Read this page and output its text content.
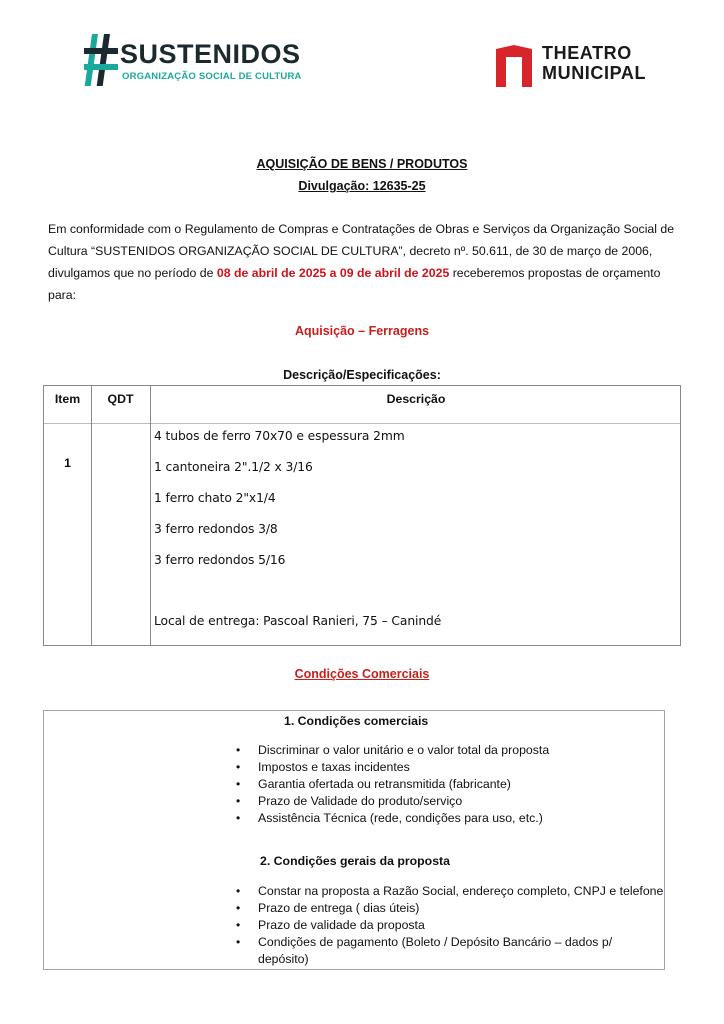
SUSTENIDOS
ORGANIZAÇÃO SOCIAL DE CULTURA
THEATRO
MUNICIPAL
AQUISIÇÃO DE BENS / PRODUTOS
Divulgação: 12635-25
Em conformidade com o Regulamento de Compras e Contratações de Obras e Serviços da Organização Social de Cultura “SUSTENIDOS ORGANIZAÇÃO SOCIAL DE CULTURA”, decreto nº. 50.611, de 30 de março de 2006, divulgamos que no período de 08 de abril de 2025 a 09 de abril de 2025 receberemos propostas de orçamento para:
Aquisição – Ferragens
Descrição/Especificações:
Item	QDT	Descrição
1
4 tubos de ferro 70x70 e espessura 2mm
1 cantoneira 2".1/2 x 3/16
1 ferro chato 2"x1/4
3 ferro redondos 3/8
3 ferro redondos 5/16
Local de entrega: Pascoal Ranieri, 75 – Canindé
Condições Comerciais
1. Condições comerciais
• Discriminar o valor unitário e o valor total da proposta
• Impostos e taxas incidentes
• Garantia ofertada ou retransmitida (fabricante)
• Prazo de Validade do produto/serviço
• Assistência Técnica (rede, condições para uso, etc.)
2. Condições gerais da proposta
• Constar na proposta a Razão Social, endereço completo, CNPJ e telefone
• Prazo de entrega ( dias úteis)
• Prazo de validade da proposta
• Condições de pagamento (Boleto / Depósito Bancário – dados p/ depósito)
